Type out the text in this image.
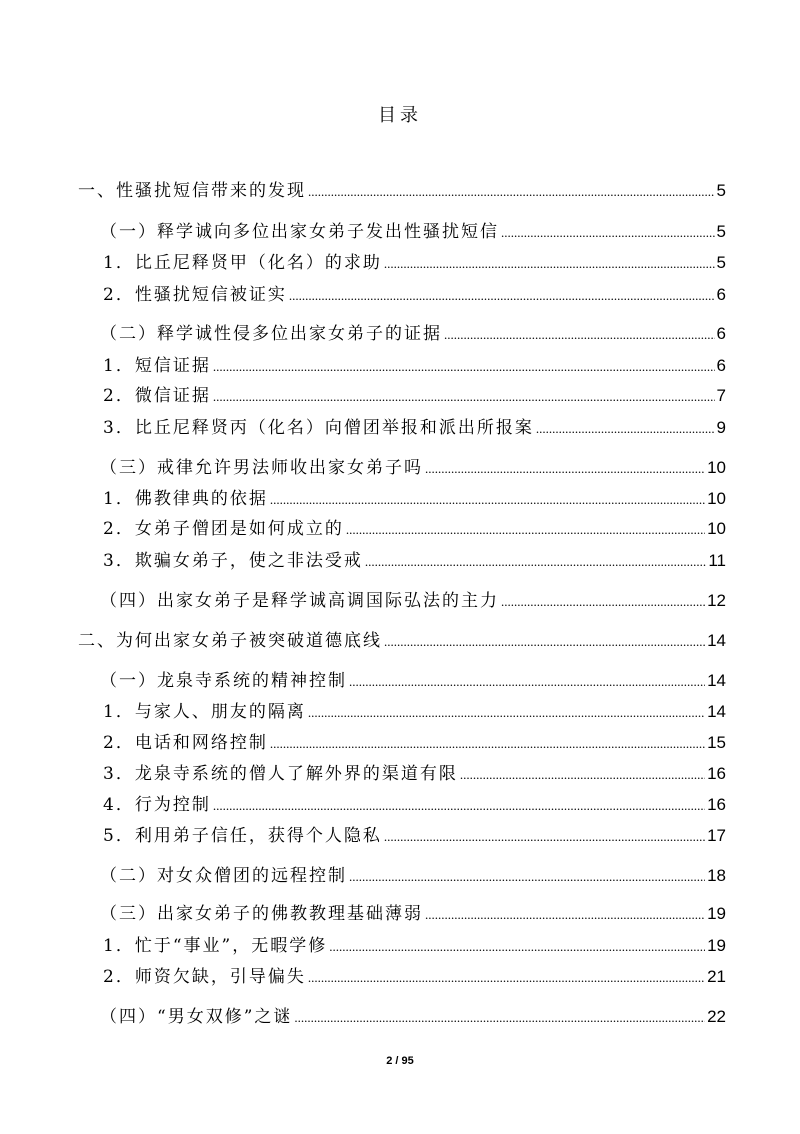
目录
一、性骚扰短信带来的发现 .....	5
（一）释学诚向多位出家女弟子发出性骚扰短信 .....	5
1．比丘尼释贤甲（化名）的求助 .....	5
2．性骚扰短信被证实 .....	6
（二）释学诚性侵多位出家女弟子的证据 .....	6
1．短信证据 .....	6
2．微信证据 .....	7
3．比丘尼释贤丙（化名）向僧团举报和派出所报案 .....	9
（三）戒律允许男法师收出家女弟子吗 .....	10
1．佛教律典的依据 .....	10
2．女弟子僧团是如何成立的 .....	10
3．欺骗女弟子，使之非法受戒 .....	11
（四）出家女弟子是释学诚高调国际弘法的主力 .....	12
二、为何出家女弟子被突破道德底线 .....	14
（一）龙泉寺系统的精神控制 .....	14
1．与家人、朋友的隔离 .....	14
2．电话和网络控制 .....	15
3．龙泉寺系统的僧人了解外界的渠道有限 .....	16
4．行为控制 .....	16
5．利用弟子信任，获得个人隐私 .....	17
（二）对女众僧团的远程控制 .....	18
（三）出家女弟子的佛教教理基础薄弱 .....	19
1．忙于“事业”，无暇学修 .....	19
2．师资欠缺，引导偏失 .....	21
（四）“男女双修”之谜 .....	22
2 / 95
